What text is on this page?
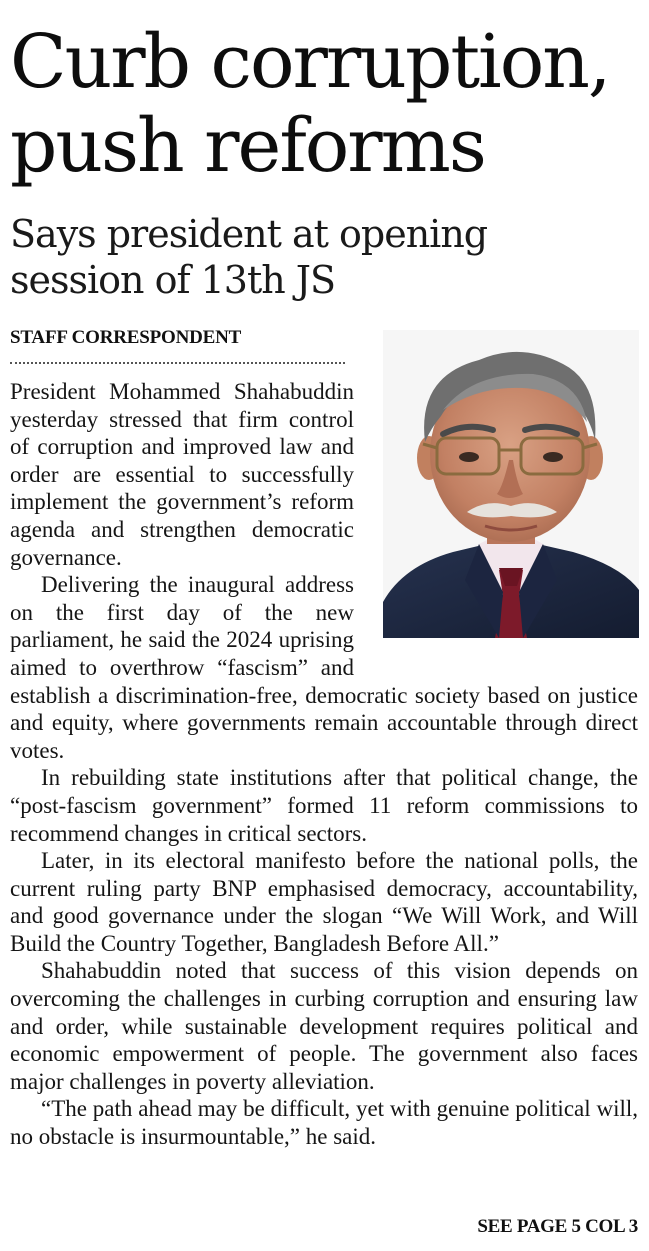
Curb corruption,
push reforms
Says president at opening
session of 13th JS
STAFF CORRESPONDENT

President Mohammed Shahabuddin yesterday stressed that firm control of corruption and improved law and order are essential to successfully implement the government’s reform agenda and strengthen democratic governance.

Delivering the inaugural address on the first day of the new parliament, he said the 2024 uprising aimed to overthrow “fascism” and establish a discrimination-free, democratic society based on justice and equity, where governments remain accountable through direct votes.

In rebuilding state institutions after that political change, the “post-fascism government” formed 11 reform commissions to recommend changes in critical sectors.

Later, in its electoral manifesto before the national polls, the current ruling party BNP emphasised democracy, accountability, and good governance under the slogan “We Will Work, and Will Build the Country Together, Bangladesh Before All.”

Shahabuddin noted that success of this vision depends on overcoming the challenges in curbing corruption and ensuring law and order, while sustainable development requires political and economic empowerment of people. The government also faces major challenges in poverty alleviation.

“The path ahead may be difficult, yet with genuine political will, no obstacle is insurmountable,” he said.

SEE PAGE 5 COL 3
